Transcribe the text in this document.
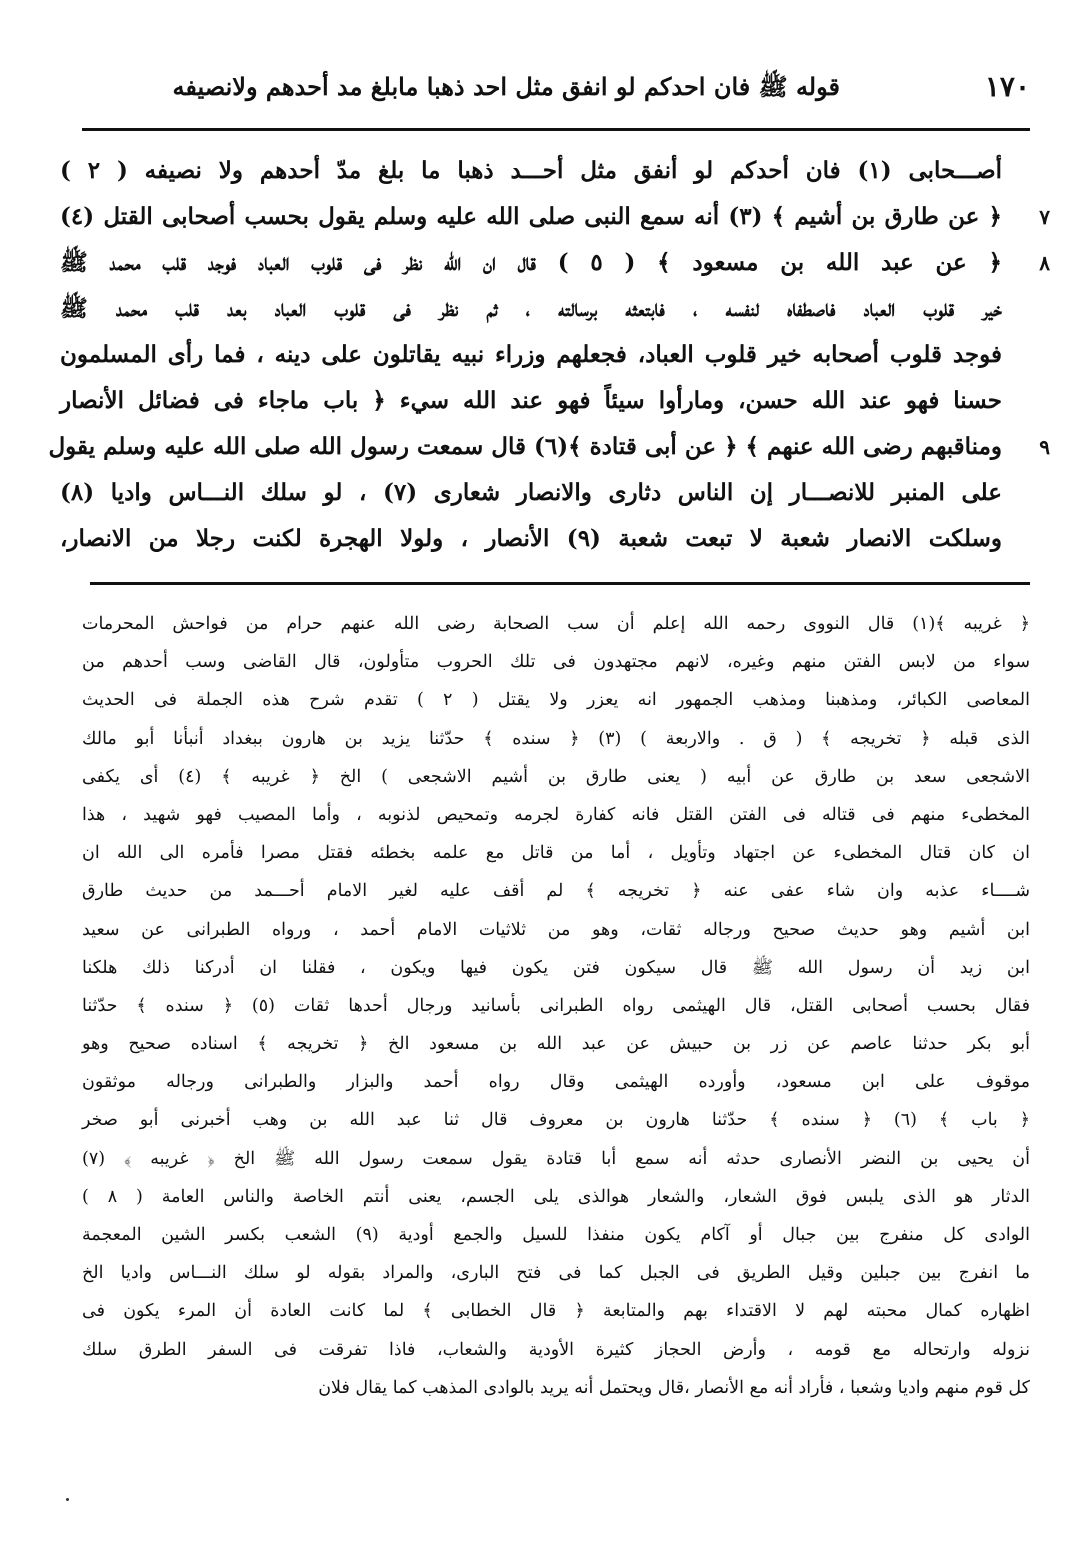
١٧٠
قوله ﷺ فان احدكم لو انفق مثل احد ذهبا مابلغ مد أحدهم ولانصيفه
أصـــحابى (١) فان أحدكم لو أنفق مثل أحـــد ذهبا ما بلغ مدّ أحدهم ولا نصيفه ( ٢ )
٧
﴿ عن طارق بن أشيم ﴾ (٣) أنه سمع النبى صلى الله عليه وسلم يقول بحسب أصحابى القتل (٤)
٨
﴿ عن عبد الله بن مسعود ﴾ ( ٥ ) قال ان الله نظر فى قلوب العباد فوجد قلب محمد ﷺ
خير قلوب العباد فاصطفاه لنفسه ، فابتعثه برسالته ، ثم نظر فى قلوب العباد بعد قلب محمد ﷺ
فوجد قلوب أصحابه خير قلوب العباد، فجعلهم وزراء نبيه يقاتلون على دينه ، فما رأى المسلمون
حسنا فهو عند الله حسن، ومارأوا سيئاً فهو عند الله سيء ﴿ باب ماجاء فى فضائل الأنصار
٩
ومناقبهم رضى الله عنهم ﴾ ﴿ عن أبى قتادة ﴾(٦) قال سمعت رسول الله صلى الله عليه وسلم يقول
على المنبر للانصـــار إن الناس دثارى والانصار شعارى (٧) ، لو سلك النـــاس واديا (٨)
وسلكت الانصار شعبة لا تبعت شعبة (٩) الأنصار ، ولولا الهجرة لكنت رجلا من الانصار،
﴿ غريبه ﴾(١) قال النووى رحمه الله إعلم أن سب الصحابة رضى الله عنهم حرام من فواحش المحرمات
سواء من لابس الفتن منهم وغيره، لانهم مجتهدون فى تلك الحروب متأولون، قال القاضى وسب أحدهم من
المعاصى الكبائر، ومذهبنا ومذهب الجمهور انه يعزر ولا يقتل ( ٢ ) تقدم شرح هذه الجملة فى الحديث
الذى قبله ﴿ تخريجه ﴾ ( ق . والاربعة ) (٣) ﴿ سنده ﴾ حدّثنا يزيد بن هارون ببغداد أنبأنا أبو مالك
الاشجعى سعد بن طارق عن أبيه ( يعنى طارق بن أشيم الاشجعى ) الخ ﴿ غريبه ﴾ (٤) أى يكفى
المخطىء منهم فى قتاله فى الفتن القتل فانه كفارة لجرمه وتمحيص لذنوبه ، وأما المصيب فهو شهيد ، هذا
ان كان قتال المخطىء عن اجتهاد وتأويل ، أما من قاتل مع علمه بخطئه فقتل مصرا فأمره الى الله ان
شــــاء عذبه وان شاء عفى عنه ﴿ تخريجه ﴾ لم أقف عليه لغير الامام أحـــمد من حديث طارق
ابن أشيم وهو حديث صحيح ورجاله ثقات، وهو من ثلاثيات الامام أحمد ، ورواه الطبرانى عن سعيد
ابن زيد أن رسول الله ﷺ قال سيكون فتن يكون فيها ويكون ، فقلنا ان أدركنا ذلك هلكنا
فقال بحسب أصحابى القتل، قال الهيثمى رواه الطبرانى بأسانيد ورجال أحدها ثقات (٥) ﴿ سنده ﴾ حدّثنا
أبو بكر حدثنا عاصم عن زر بن حبيش عن عبد الله بن مسعود الخ ﴿ تخريجه ﴾ اسناده صحيح وهو
موقوف على ابن مسعود، وأورده الهيثمى وقال رواه أحمد والبزار والطبرانى ورجاله موثقون
﴿ باب ﴾ (٦) ﴿ سنده ﴾ حدّثنا هارون بن معروف قال ثنا عبد الله بن وهب أخبرنى أبو صخر
أن يحيى بن النضر الأنصارى حدثه أنه سمع أبا قتادة يقول سمعت رسول الله ﷺ الخ ﴿ غريبه ﴾ (٧)
الدثار هو الذى يلبس فوق الشعار، والشعار هوالذى يلى الجسم، يعنى أنتم الخاصة والناس العامة ( ٨ )
الوادى كل منفرج بين جبال أو آكام يكون منفذا للسيل والجمع أودية (٩) الشعب بكسر الشين المعجمة
ما انفرج بين جبلين وقيل الطريق فى الجبل كما فى فتح البارى، والمراد بقوله لو سلك النـــاس واديا الخ
اظهاره كمال محبته لهم لا الاقتداء بهم والمتابعة ﴿ قال الخطابى ﴾ لما كانت العادة أن المرء يكون فى
نزوله وارتحاله مع قومه ، وأرض الحجاز كثيرة الأودية والشعاب، فاذا تفرقت فى السفر الطرق سلك
كل قوم منهم واديا وشعبا ، فأراد أنه مع الأنصار ،قال ويحتمل أنه يريد بالوادى المذهب كما يقال فلان
